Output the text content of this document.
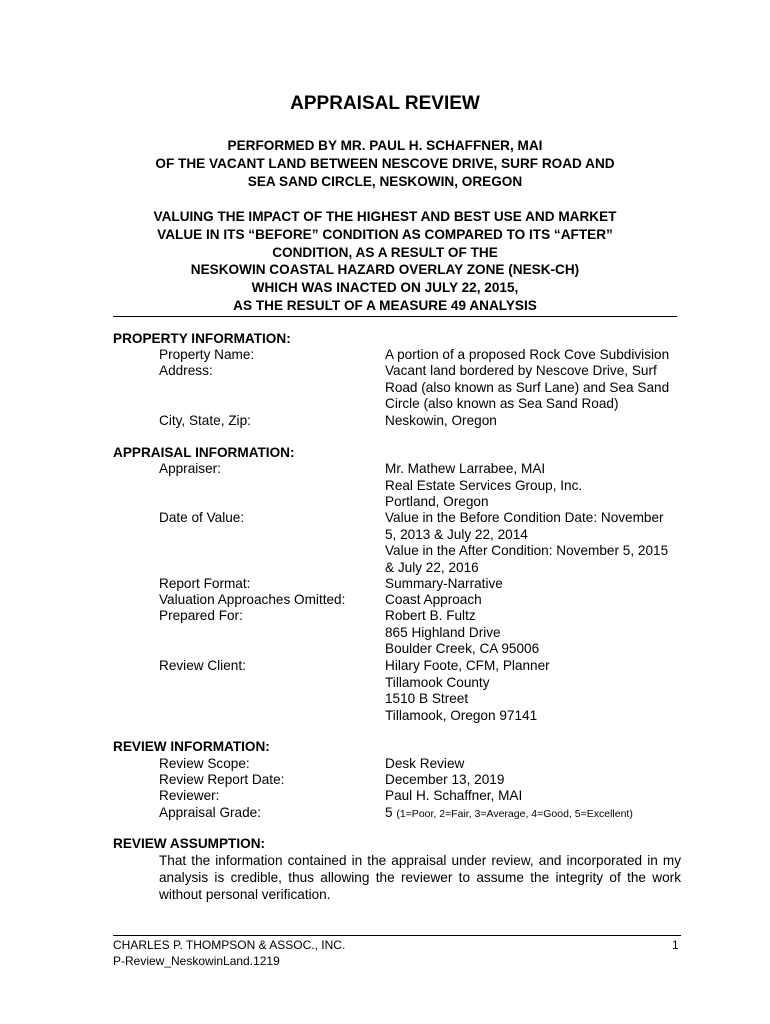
APPRAISAL REVIEW
PERFORMED BY MR. PAUL H. SCHAFFNER, MAI
OF THE VACANT LAND BETWEEN NESCOVE DRIVE, SURF ROAD AND
SEA SAND CIRCLE, NESKOWIN, OREGON
VALUING THE IMPACT OF THE HIGHEST AND BEST USE AND MARKET
VALUE IN ITS “BEFORE” CONDITION AS COMPARED TO ITS “AFTER”
CONDITION, AS A RESULT OF THE
NESKOWIN COASTAL HAZARD OVERLAY ZONE (NESK-CH)
WHICH WAS INACTED ON JULY 22, 2015,
AS THE RESULT OF A MEASURE 49 ANALYSIS
PROPERTY INFORMATION:
Property Name:	A portion of a proposed Rock Cove Subdivision
Address:	Vacant land bordered by Nescove Drive, Surf
Road (also known as Surf Lane) and Sea Sand
Circle (also known as Sea Sand Road)
City, State, Zip:	Neskowin, Oregon
APPRAISAL INFORMATION:
Appraiser:	Mr. Mathew Larrabee, MAI
Real Estate Services Group, Inc.
Portland, Oregon
Date of Value:	Value in the Before Condition Date: November
5, 2013 & July 22, 2014
Value in the After Condition: November 5, 2015
& July 22, 2016
Report Format:	Summary-Narrative
Valuation Approaches Omitted:	Coast Approach
Prepared For:	Robert B. Fultz
865 Highland Drive
Boulder Creek, CA 95006
Review Client:	Hilary Foote, CFM, Planner
Tillamook County
1510 B Street
Tillamook, Oregon 97141
REVIEW INFORMATION:
Review Scope:	Desk Review
Review Report Date:	December 13, 2019
Reviewer:	Paul H. Schaffner, MAI
Appraisal Grade:	5 (1=Poor, 2=Fair, 3=Average, 4=Good, 5=Excellent)
REVIEW ASSUMPTION:
That the information contained in the appraisal under review, and incorporated in my analysis is credible, thus allowing the reviewer to assume the integrity of the work without personal verification.
CHARLES P. THOMPSON & ASSOC., INC.
P-Review_NeskowinLand.1219
1
